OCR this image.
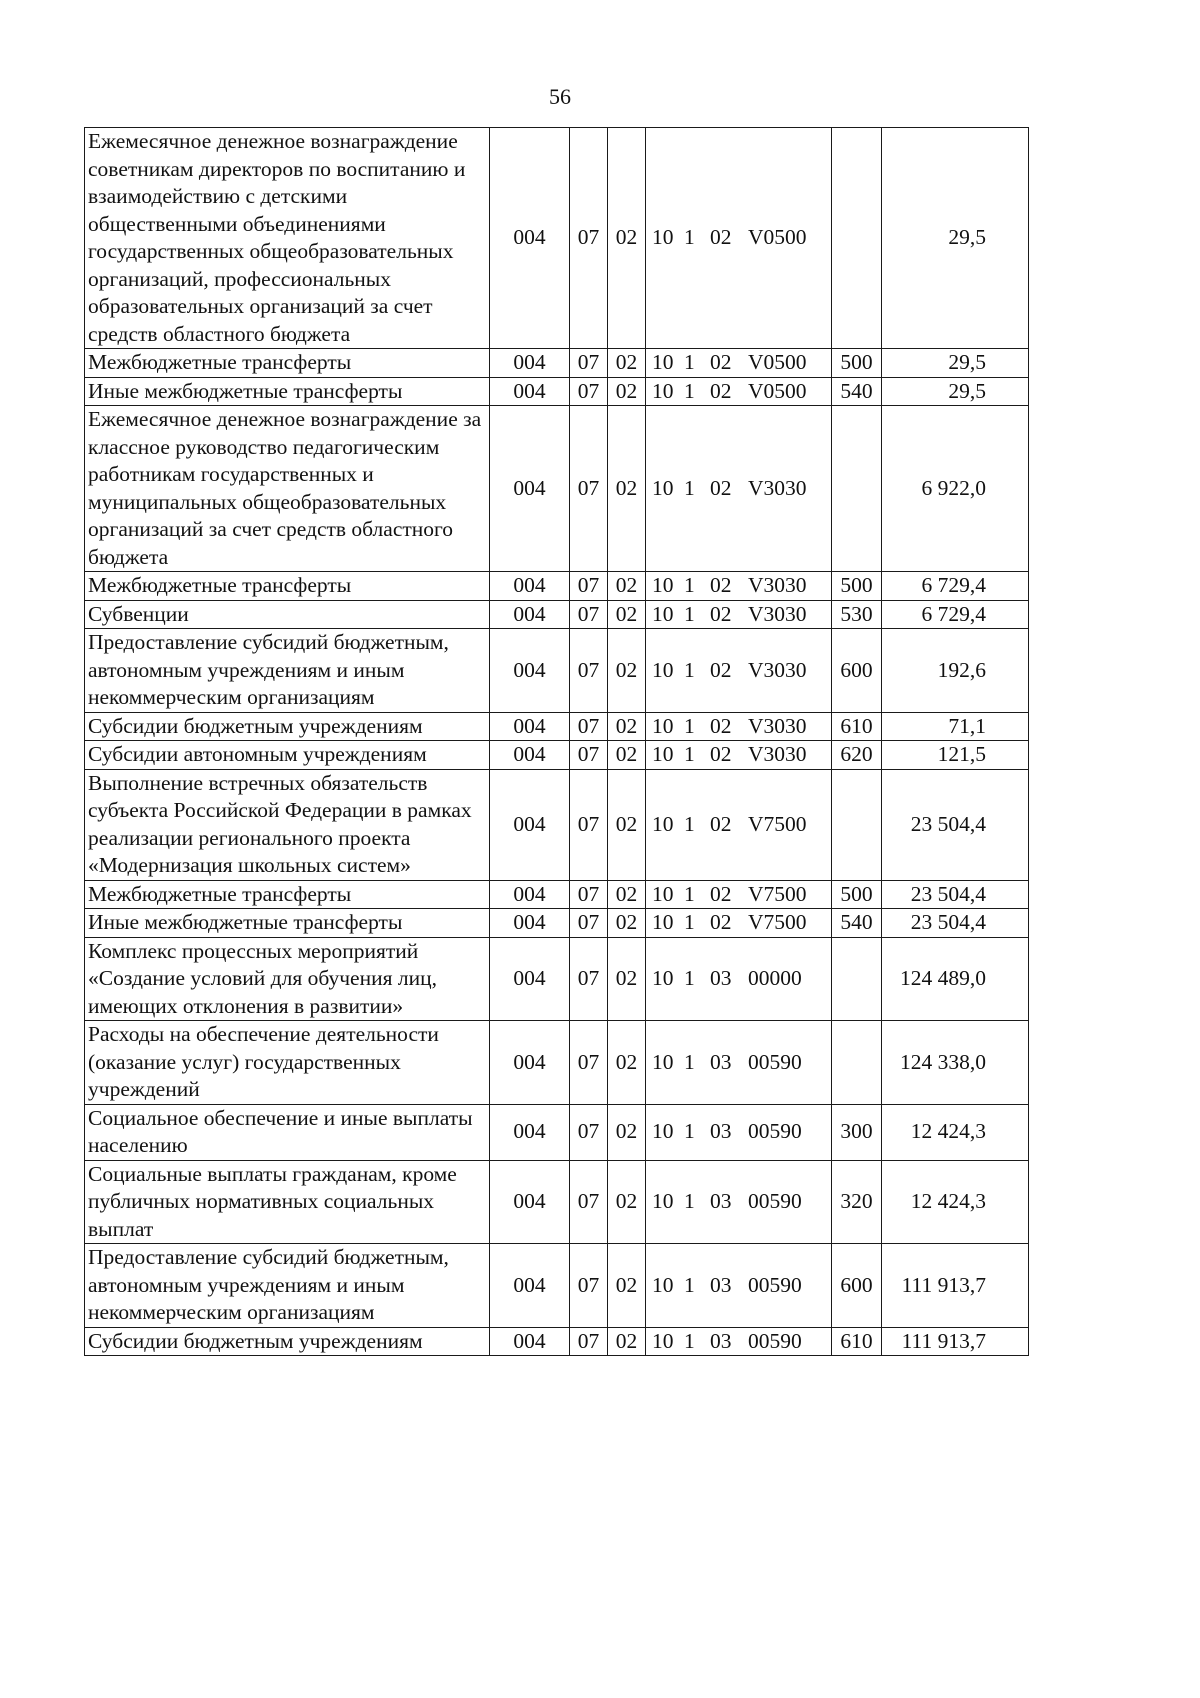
56
Ежемесячное денежное вознаграждение советникам директоров по воспитанию и взаимодействию с детскими общественными объединениями государственных общеобразовательных организаций, профессиональных образовательных организаций за счет средств областного бюджета	004	07	02	10 1 02 V0500		29,5
Межбюджетные трансферты	004	07	02	10 1 02 V0500	500	29,5
Иные межбюджетные трансферты	004	07	02	10 1 02 V0500	540	29,5
Ежемесячное денежное вознаграждение за классное руководство педагогическим работникам государственных и муниципальных общеобразовательных организаций за счет средств областного бюджета	004	07	02	10 1 02 V3030		6 922,0
Межбюджетные трансферты	004	07	02	10 1 02 V3030	500	6 729,4
Субвенции	004	07	02	10 1 02 V3030	530	6 729,4
Предоставление субсидий бюджетным, автономным учреждениям и иным некоммерческим организациям	004	07	02	10 1 02 V3030	600	192,6
Субсидии бюджетным учреждениям	004	07	02	10 1 02 V3030	610	71,1
Субсидии автономным учреждениям	004	07	02	10 1 02 V3030	620	121,5
Выполнение встречных обязательств субъекта Российской Федерации в рамках реализации регионального проекта «Модернизация школьных систем»	004	07	02	10 1 02 V7500		23 504,4
Межбюджетные трансферты	004	07	02	10 1 02 V7500	500	23 504,4
Иные межбюджетные трансферты	004	07	02	10 1 02 V7500	540	23 504,4
Комплекс процессных мероприятий «Создание условий для обучения лиц, имеющих отклонения в развитии»	004	07	02	10 1 03 00000		124 489,0
Расходы на обеспечение деятельности (оказание услуг) государственных учреждений	004	07	02	10 1 03 00590		124 338,0
Социальное обеспечение и иные выплаты населению	004	07	02	10 1 03 00590	300	12 424,3
Социальные выплаты гражданам, кроме публичных нормативных социальных выплат	004	07	02	10 1 03 00590	320	12 424,3
Предоставление субсидий бюджетным, автономным учреждениям и иным некоммерческим организациям	004	07	02	10 1 03 00590	600	111 913,7
Субсидии бюджетным учреждениям	004	07	02	10 1 03 00590	610	111 913,7
